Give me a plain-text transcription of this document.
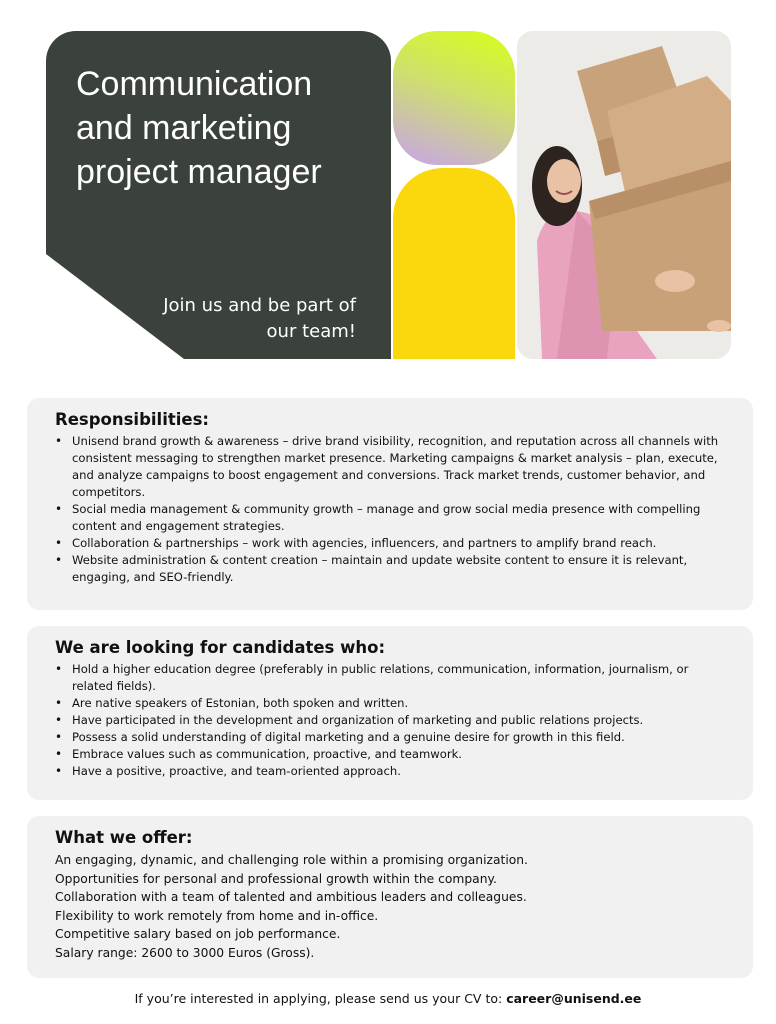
Communication and marketing project manager
Join us and be part of our team!
Responsibilities:
• Unisend brand growth & awareness – drive brand visibility, recognition, and reputation across all channels with consistent messaging to strengthen market presence. Marketing campaigns & market analysis – plan, execute, and analyze campaigns to boost engagement and conversions. Track market trends, customer behavior, and competitors.
• Social media management & community growth – manage and grow social media presence with compelling content and engagement strategies.
• Collaboration & partnerships – work with agencies, influencers, and partners to amplify brand reach.
• Website administration & content creation – maintain and update website content to ensure it is relevant, engaging, and SEO-friendly.
We are looking for candidates who:
• Hold a higher education degree (preferably in public relations, communication, information, journalism, or related fields).
• Are native speakers of Estonian, both spoken and written.
• Have participated in the development and organization of marketing and public relations projects.
• Possess a solid understanding of digital marketing and a genuine desire for growth in this field.
• Embrace values such as communication, proactive, and teamwork.
• Have a positive, proactive, and team-oriented approach.
What we offer:

An engaging, dynamic, and challenging role within a promising organization.

Opportunities for personal and professional growth within the company.

Collaboration with a team of talented and ambitious leaders and colleagues.

Flexibility to work remotely from home and in-office.

Competitive salary based on job performance.

Salary range: 2600 to 3000 Euros (Gross).

If you’re interested in applying, please send us your CV to: career@unisend.ee
